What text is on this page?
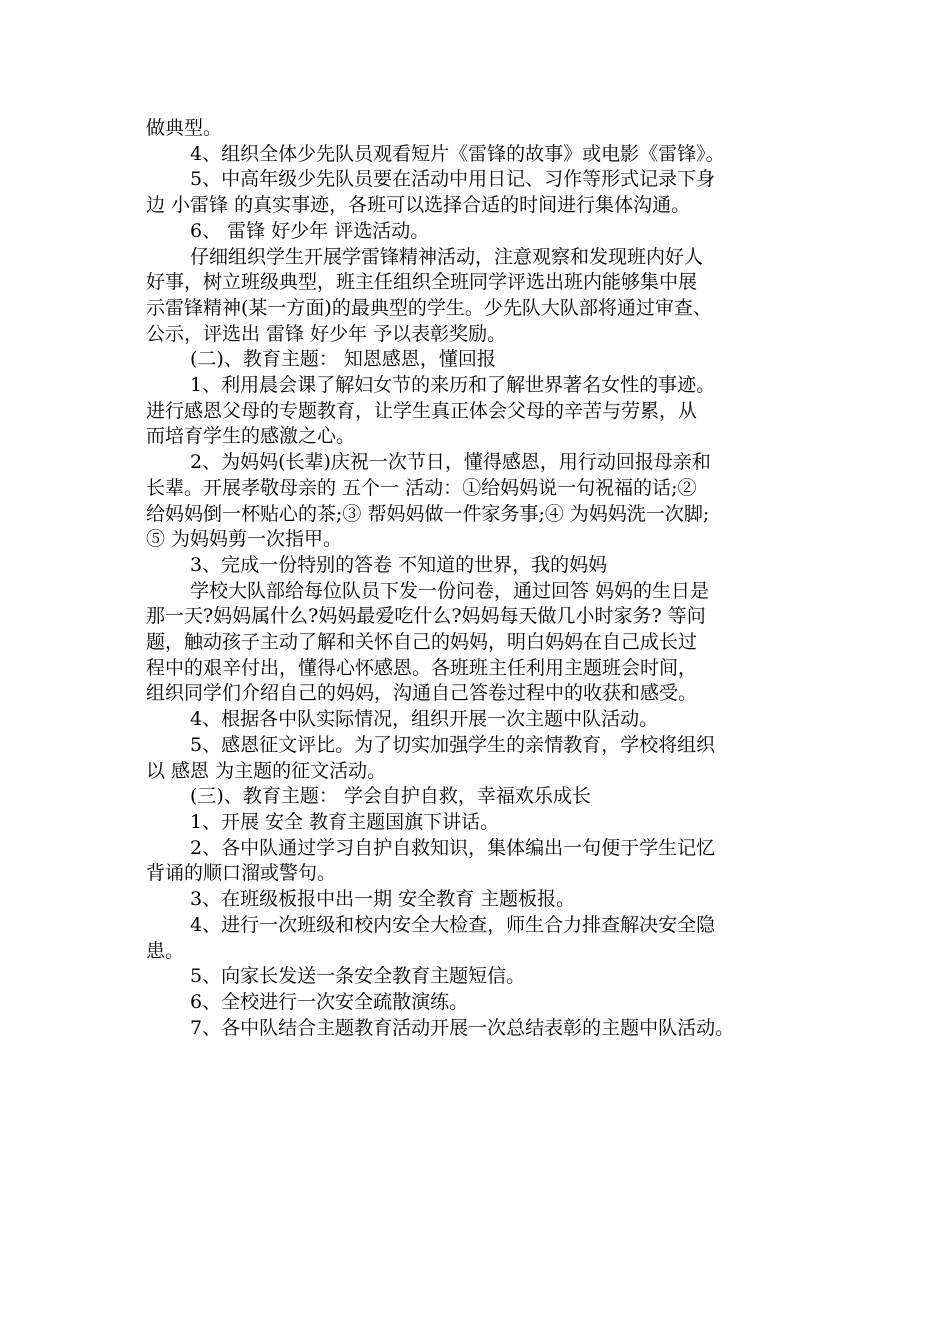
做典型。

4、组织全体少先队员观看短片《雷锋的故事》或电影《雷锋》。

5、中高年级少先队员要在活动中用日记、习作等形式记录下身

边 小雷锋 的真实事迹，各班可以选择合适的时间进行集体沟通。

6、 雷锋 好少年 评选活动。

仔细组织学生开展学雷锋精神活动，注意观察和发现班内好人

好事，树立班级典型，班主任组织全班同学评选出班内能够集中展

示雷锋精神(某一方面)的最典型的学生。少先队大队部将通过审查、

公示，评选出 雷锋 好少年 予以表彰奖励。

(二)、教育主题： 知恩感恩，懂回报

1、利用晨会课了解妇女节的来历和了解世界著名女性的事迹。

进行感恩父母的专题教育，让学生真正体会父母的辛苦与劳累，从

而培育学生的感激之心。

2、为妈妈(长辈)庆祝一次节日，懂得感恩，用行动回报母亲和

长辈。开展孝敬母亲的 五个一 活动：①给妈妈说一句祝福的话;②

给妈妈倒一杯贴心的茶;③ 帮妈妈做一件家务事;④ 为妈妈洗一次脚;

⑤ 为妈妈剪一次指甲。

3、完成一份特别的答卷 不知道的世界，我的妈妈

学校大队部给每位队员下发一份问卷，通过回答 妈妈的生日是

那一天?妈妈属什么?妈妈最爱吃什么?妈妈每天做几小时家务? 等问

题，触动孩子主动了解和关怀自己的妈妈，明白妈妈在自己成长过

程中的艰辛付出，懂得心怀感恩。各班班主任利用主题班会时间，

组织同学们介绍自己的妈妈，沟通自己答卷过程中的收获和感受。

4、根据各中队实际情况，组织开展一次主题中队活动。

5、感恩征文评比。为了切实加强学生的亲情教育，学校将组织

以 感恩 为主题的征文活动。

(三)、教育主题： 学会自护自救，幸福欢乐成长

1、开展 安全 教育主题国旗下讲话。

2、各中队通过学习自护自救知识，集体编出一句便于学生记忆

背诵的顺口溜或警句。

3、在班级板报中出一期 安全教育 主题板报。

4、进行一次班级和校内安全大检查，师生合力排查解决安全隐

患。

5、向家长发送一条安全教育主题短信。

6、全校进行一次安全疏散演练。

7、各中队结合主题教育活动开展一次总结表彰的主题中队活动。
